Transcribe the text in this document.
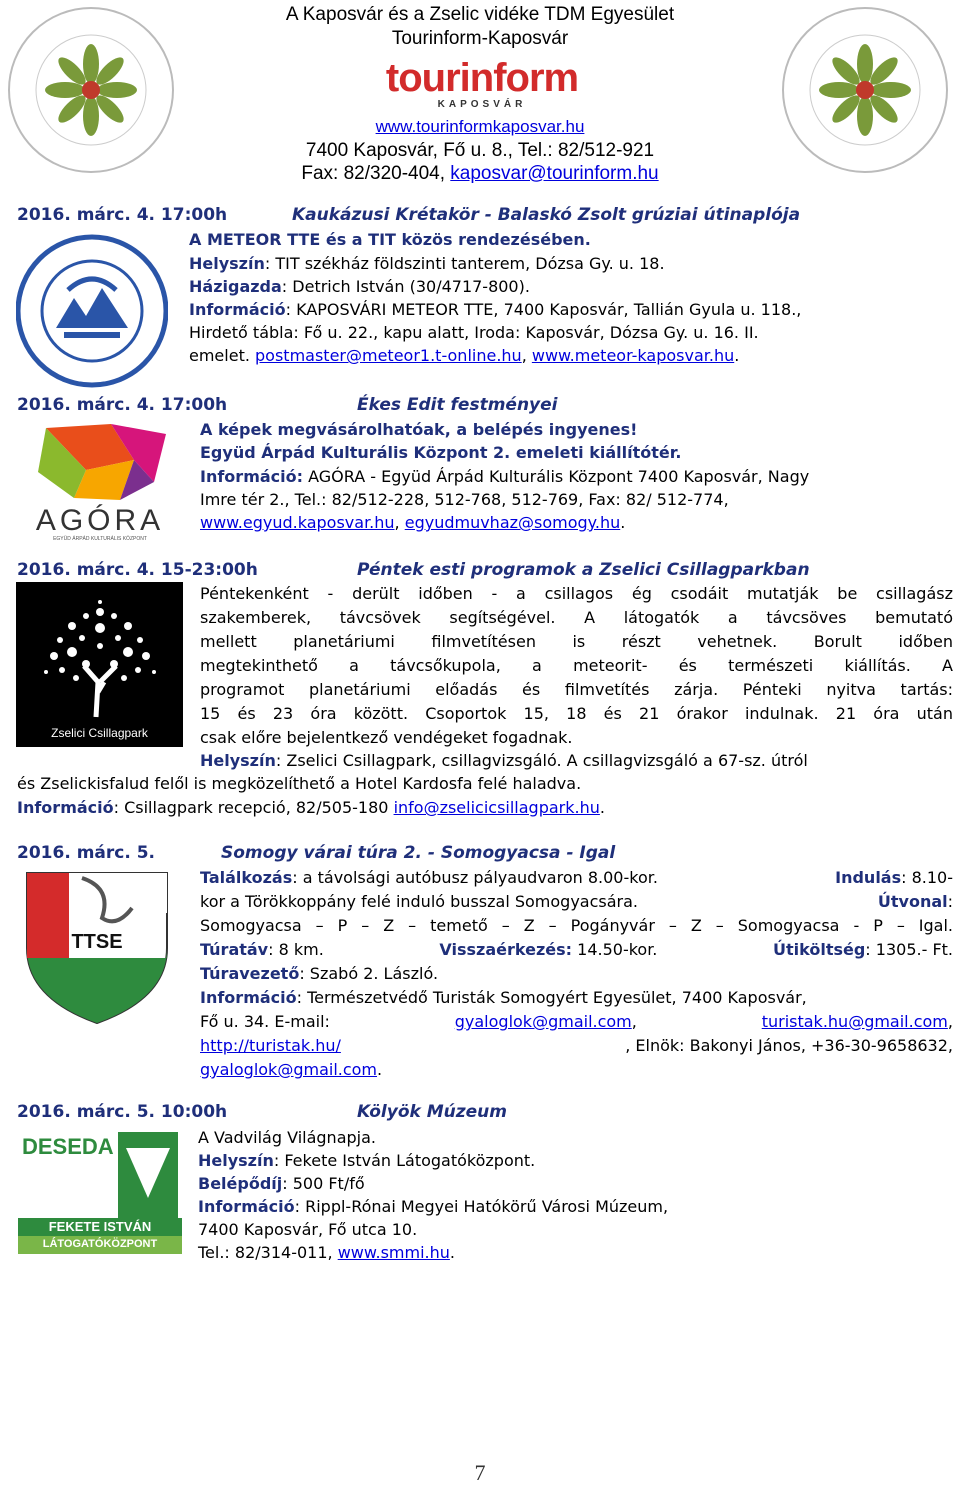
A Kaposvár és a Zselic vidéke TDM Egyesület
Tourinform-Kaposvár
tourinform
KAPOSVÁR
www.tourinformkaposvar.hu
7400 Kaposvár, Fő u. 8., Tel.: 82/512-921
Fax: 82/320-404, kaposvar@tourinform.hu
2016. márc. 4. 17:00h	Kaukázusi Krétakör - Balaskó Zsolt grúziai útinaplója
A METEOR TTE és a TIT közös rendezésében.
Helyszín: TIT székház földszinti tanterem, Dózsa Gy. u. 18.
Házigazda: Detrich István (30/4717-800).
Információ: KAPOSVÁRI METEOR TTE, 7400 Kaposvár, Tallián Gyula u. 118.,
Hirdető tábla: Fő u. 22., kapu alatt, Iroda: Kaposvár, Dózsa Gy. u. 16. II.
emelet. postmaster@meteor1.t-online.hu, www.meteor-kaposvar.hu.
2016. márc. 4. 17:00h	Ékes Edit festményei
AGÓRA
EGYÜD ÁRPÁD KULTURÁLIS KÖZPONT
A képek megvásárolhatóak, a belépés ingyenes!
Együd Árpád Kulturális Központ 2. emeleti kiállítótér.
Információ: AGÓRA - Együd Árpád Kulturális Központ 7400 Kaposvár, Nagy
Imre tér 2., Tel.: 82/512-228, 512-768, 512-769, Fax: 82/ 512-774,
www.egyud.kaposvar.hu, egyudmuvhaz@somogy.hu.
2016. márc. 4. 15-23:00h	Péntek esti programok a Zselici Csillagparkban
Zselici Csillagpark
Péntekenként - derült időben - a csillagos ég csodáit mutatják be csillagász
szakemberek, távcsövek segítségével. A látogatók a távcsöves bemutató
mellett planetáriumi filmvetítésen is részt vehetnek. Borult időben
megtekinthető a távcsőkupola, a meteorit- és természeti kiállítás. A
programot planetáriumi előadás és filmvetítés zárja. Pénteki nyitva tartás:
15 és 23 óra között. Csoportok 15, 18 és 21 órakor indulnak. 21 óra után
csak előre bejelentkező vendégeket fogadnak.
Helyszín: Zselici Csillagpark, csillagvizsgáló. A csillagvizsgáló a 67-sz. útról
és Zselickisfalud felől is megközelíthető a Hotel Kardosfa felé haladva.
Információ: Csillagpark recepció, 82/505-180 info@zselicicsillagpark.hu.
2016. márc. 5.	Somogy várai túra 2. - Somogyacsa - Igal
TTSE
Találkozás: a távolsági autóbusz pályaudvaron 8.00-kor.	Indulás: 8.10-
kor a Törökkoppány felé induló busszal Somogyacsára.	Útvonal:
Somogyacsa – P – Z – temető – Z – Pogányvár – Z – Somogyacsa - P – Igal.
Túratáv: 8 km.	Visszaérkezés: 14.50-kor.	Útiköltség: 1305.- Ft.
Túravezető: Szabó 2. László.
Információ: Természetvédő Turisták Somogyért Egyesület, 7400 Kaposvár,
Fő u. 34. E-mail:	gyaloglok@gmail.com,	turistak.hu@gmail.com,
http://turistak.hu/	, Elnök: Bakonyi János, +36-30-9658632,
gyaloglok@gmail.com.
2016. márc. 5. 10:00h	Kölyök Múzeum
DESEDA
FEKETE ISTVÁN
LÁTOGATÓKÖZPONT
A Vadvilág Világnapja.
Helyszín: Fekete István Látogatóközpont.
Belépődíj: 500 Ft/fő
Információ: Rippl-Rónai Megyei Hatókörű Városi Múzeum,
7400 Kaposvár, Fő utca 10.
Tel.: 82/314-011, www.smmi.hu.
7
